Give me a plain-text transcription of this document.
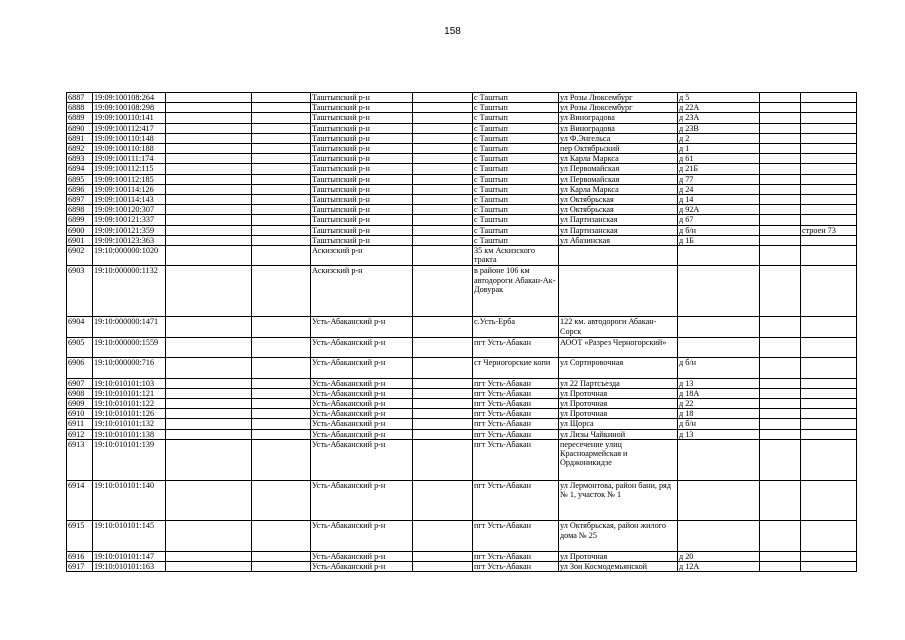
158
6887	19:09:100108:264			Таштыпский р-н		с Таштып	ул Розы Люксембург	д 5		
6888	19:09:100108:298			Таштыпский р-н		с Таштып	ул Розы Люксембург	д 22А		
6889	19:09:100110:141			Таштыпский р-н		с Таштып	ул Виноградова	д 23А		
6890	19:09:100112:417			Таштыпский р-н		с Таштып	ул Виноградова	д 23В		
6891	19:09:100110:148			Таштыпский р-н		с Таштып	ул Ф.Энгельса	д 2		
6892	19:09:100110:188			Таштыпский р-н		с Таштып	пер Октябрьский	д 1		
6893	19:09:100111:174			Таштыпский р-н		с Таштып	ул Карла Маркса	д 61		
6894	19:09:100112:115			Таштыпский р-н		с Таштып	ул Первомайская	д 21Б		
6895	19:09:100112:185			Таштыпский р-н		с Таштып	ул Первомайская	д 77		
6896	19:09:100114:126			Таштыпский р-н		с Таштып	ул Карла Маркса	д 24		
6897	19:09:100114:143			Таштыпский р-н		с Таштып	ул Октябрьская	д 14		
6898	19:09:100120:307			Таштыпский р-н		с Таштып	ул Октябрьская	д 92А		
6899	19:09:100121:337			Таштыпский р-н		с Таштып	ул Партизанская	д 67		
6900	19:09:100121:359			Таштыпский р-н		с Таштып	ул Партизанская	д б/н		строен 73
6901	19:09:100123:363			Таштыпский р-н		с Таштып	ул Абазинская	д 1Б		
6902	19:10:000000:1020			Аскизский р-н		35 км Аскизского тракта				
6903	19:10:000000:1132			Аскизский р-н		в районе 106 км автодороги Абакан-Ак-Довурак				
6904	19:10:000000:1471			Усть-Абаканский р-н		с.Усть-Ерба	122 км. автодороги Абакан-Сорск			
6905	19:10:000000:1559			Усть-Абаканский р-н		пгт Усть-Абакан	АООТ «Разрез Черногорский»			
6906	19:10:000000:716			Усть-Абаканский р-н		ст Черногорские копи	ул Сортировочная	д б/н		
6907	19:10:010101:103			Усть-Абаканский р-н		пгт Усть-Абакан	ул 22 Партсъезда	д 13		
6908	19:10:010101:121			Усть-Абаканский р-н		пгт Усть-Абакан	ул Проточная	д 18А		
6909	19:10:010101:122			Усть-Абаканский р-н		пгт Усть-Абакан	ул Проточная	д 22		
6910	19:10:010101:126			Усть-Абаканский р-н		пгт Усть-Абакан	ул Проточная	д 18		
6911	19:10:010101:132			Усть-Абаканский р-н		пгт Усть-Абакан	ул Щорса	д б/н		
6912	19:10:010101:138			Усть-Абаканский р-н		пгт Усть-Абакан	ул Лизы Чайкиной	д 13		
6913	19:10:010101:139			Усть-Абаканский р-н		пгт Усть-Абакан	пересечение улиц Красноармейская и Орджоникидзе			
6914	19:10:010101:140			Усть-Абаканский р-н		пгт Усть-Абакан	ул Лермонтова, район бани, ряд № 1, участок № 1			
6915	19:10:010101:145			Усть-Абаканский р-н		пгт Усть-Абакан	ул Октябрьская, район жилого дома № 25			
6916	19:10:010101:147			Усть-Абаканский р-н		пгт Усть-Абакан	ул Проточная	д 20		
6917	19:10:010101:163			Усть-Абаканский р-н		пгт Усть-Абакан	ул Зои Космодемьянской	д 12А		
